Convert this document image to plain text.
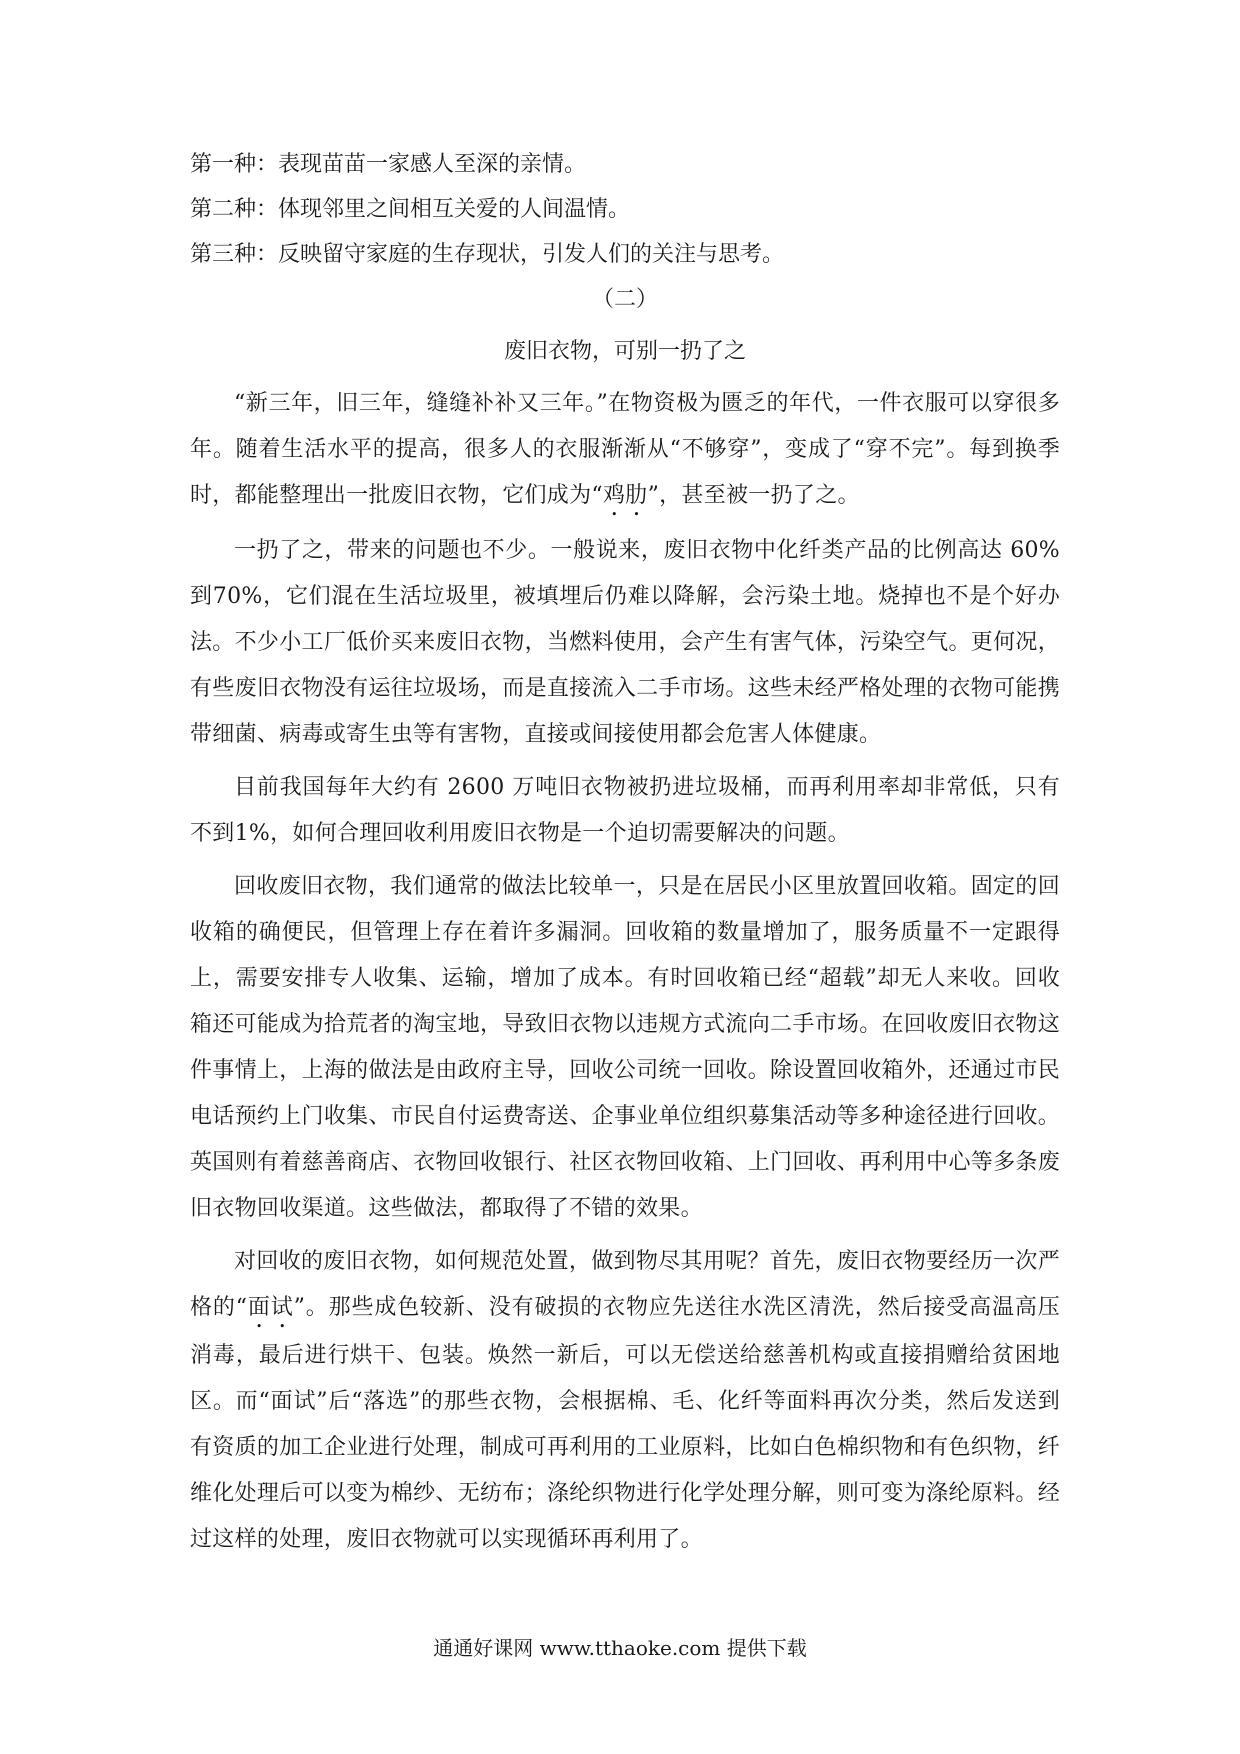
第一种：表现苗苗一家感人至深的亲情。
第二种：体现邻里之间相互关爱的人间温情。
第三种：反映留守家庭的生存现状，引发人们的关注与思考。
（二）
废旧衣物，可别一扔了之

“新三年，旧三年，缝缝补补又三年。”在物资极为匮乏的年代，一件衣服可以穿很多年。随着生活水平的提高，很多人的衣服渐渐从“不够穿”，变成了“穿不完”。每到换季时，都能整理出一批废旧衣物，它们成为“鸡肋”，甚至被一扔了之。

一扔了之，带来的问题也不少。一般说来，废旧衣物中化纤类产品的比例高达 60%到70%，它们混在生活垃圾里，被填埋后仍难以降解，会污染土地。烧掉也不是个好办法。不少小工厂低价买来废旧衣物，当燃料使用，会产生有害气体，污染空气。更何况，有些废旧衣物没有运往垃圾场，而是直接流入二手市场。这些未经严格处理的衣物可能携带细菌、病毒或寄生虫等有害物，直接或间接使用都会危害人体健康。

目前我国每年大约有 2600 万吨旧衣物被扔进垃圾桶，而再利用率却非常低，只有不到1%，如何合理回收利用废旧衣物是一个迫切需要解决的问题。

回收废旧衣物，我们通常的做法比较单一，只是在居民小区里放置回收箱。固定的回收箱的确便民，但管理上存在着许多漏洞。回收箱的数量增加了，服务质量不一定跟得上，需要安排专人收集、运输，增加了成本。有时回收箱已经“超载”却无人来收。回收箱还可能成为拾荒者的淘宝地，导致旧衣物以违规方式流向二手市场。在回收废旧衣物这件事情上，上海的做法是由政府主导，回收公司统一回收。除设置回收箱外，还通过市民电话预约上门收集、市民自付运费寄送、企事业单位组织募集活动等多种途径进行回收。英国则有着慈善商店、衣物回收银行、社区衣物回收箱、上门回收、再利用中心等多条废旧衣物回收渠道。这些做法，都取得了不错的效果。

对回收的废旧衣物，如何规范处置，做到物尽其用呢？首先，废旧衣物要经历一次严格的“面试”。那些成色较新、没有破损的衣物应先送往水洗区清洗，然后接受高温高压消毒，最后进行烘干、包装。焕然一新后，可以无偿送给慈善机构或直接捐赠给贫困地区。而“面试”后“落选”的那些衣物，会根据棉、毛、化纤等面料再次分类，然后发送到有资质的加工企业进行处理，制成可再利用的工业原料，比如白色棉织物和有色织物，纤维化处理后可以变为棉纱、无纺布；涤纶织物进行化学处理分解，则可变为涤纶原料。经过这样的处理，废旧衣物就可以实现循环再利用了。

通通好课网 www.tthaoke.com 提供下载
